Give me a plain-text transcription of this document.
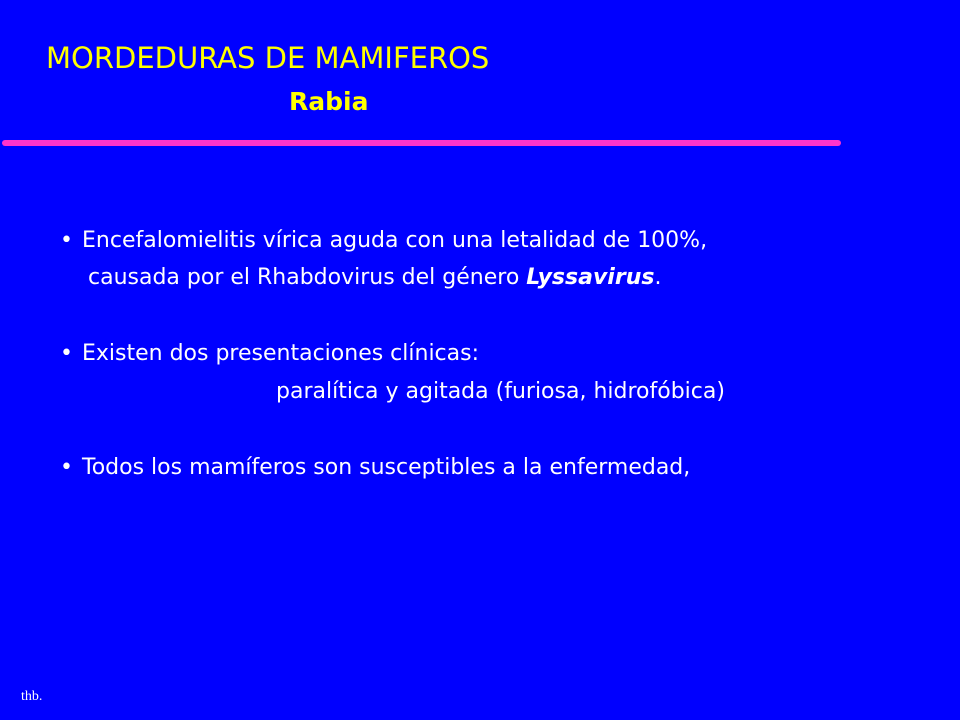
MORDEDURAS DE MAMIFEROS
Rabia
• Encefalomielitis vírica aguda con una letalidad de 100%,
causada por el Rhabdovirus del género Lyssavirus.
• Existen dos presentaciones clínicas:
paralítica y agitada (furiosa, hidrofóbica)
• Todos los mamíferos son susceptibles a la enfermedad,
thb.
